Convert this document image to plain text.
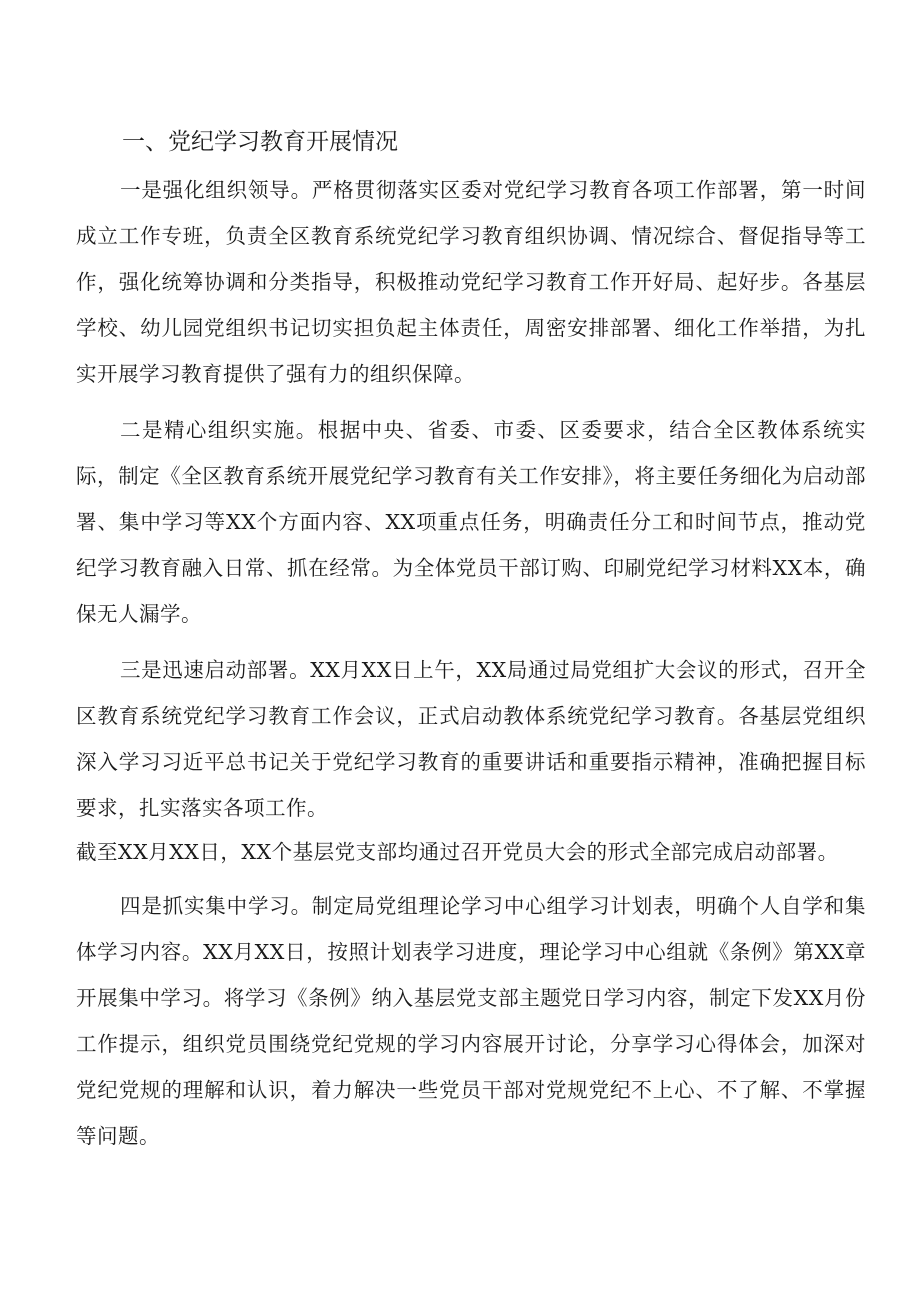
一、党纪学习教育开展情况

一是强化组织领导。严格贯彻落实区委对党纪学习教育各项工作部署，第一时间成立工作专班，负责全区教育系统党纪学习教育组织协调、情况综合、督促指导等工作，强化统筹协调和分类指导，积极推动党纪学习教育工作开好局、起好步。各基层学校、幼儿园党组织书记切实担负起主体责任，周密安排部署、细化工作举措，为扎实开展学习教育提供了强有力的组织保障。

二是精心组织实施。根据中央、省委、市委、区委要求，结合全区教体系统实际，制定《全区教育系统开展党纪学习教育有关工作安排》，将主要任务细化为启动部署、集中学习等XX个方面内容、XX项重点任务，明确责任分工和时间节点，推动党纪学习教育融入日常、抓在经常。为全体党员干部订购、印刷党纪学习材料XX本，确保无人漏学。

三是迅速启动部署。XX月XX日上午，XX局通过局党组扩大会议的形式，召开全区教育系统党纪学习教育工作会议，正式启动教体系统党纪学习教育。各基层党组织深入学习习近平总书记关于党纪学习教育的重要讲话和重要指示精神，准确把握目标要求，扎实落实各项工作。

截至XX月XX日，XX个基层党支部均通过召开党员大会的形式全部完成启动部署。

四是抓实集中学习。制定局党组理论学习中心组学习计划表，明确个人自学和集体学习内容。XX月XX日，按照计划表学习进度，理论学习中心组就《条例》第XX章开展集中学习。将学习《条例》纳入基层党支部主题党日学习内容，制定下发XX月份工作提示，组织党员围绕党纪党规的学习内容展开讨论，分享学习心得体会，加深对党纪党规的理解和认识，着力解决一些党员干部对党规党纪不上心、不了解、不掌握等问题。
